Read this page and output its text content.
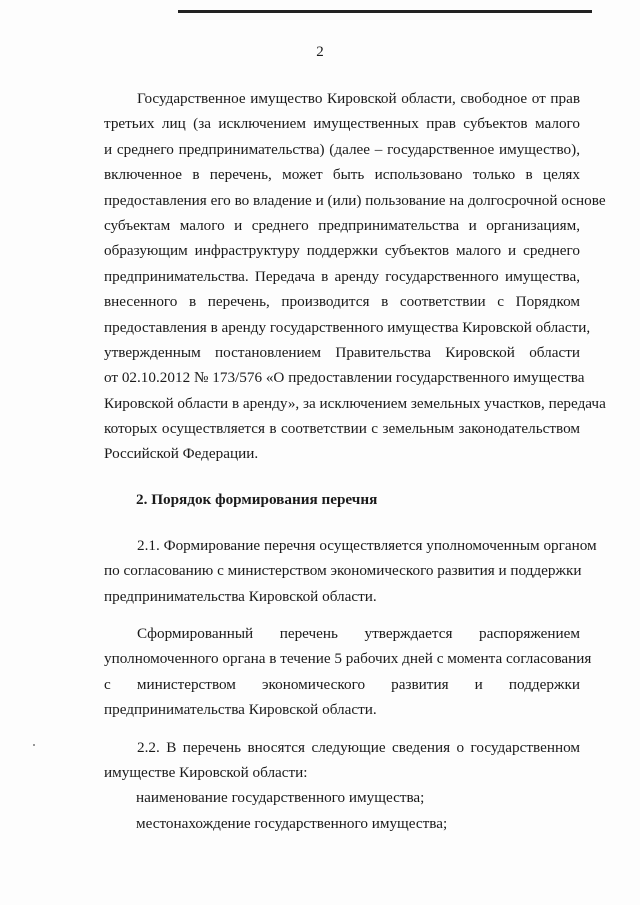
2

Государственное имущество Кировской области, свободное от прав

третьих лиц (за исключением имущественных прав субъектов малого

и среднего предпринимательства) (далее – государственное имущество),

включенное в перечень, может быть использовано только в целях

предоставления его во владение и (или) пользование на долгосрочной основе

субъектам малого и среднего предпринимательства и организациям,

образующим инфраструктуру поддержки субъектов малого и среднего

предпринимательства. Передача в аренду государственного имущества,

внесенного в перечень, производится в соответствии с Порядком

предоставления в аренду государственного имущества Кировской области,

утвержденным постановлением Правительства Кировской области

от 02.10.2012 № 173/576 «О предоставлении государственного имущества

Кировской области в аренду», за исключением земельных участков, передача

которых осуществляется в соответствии с земельным законодательством

Российской Федерации.

2. Порядок формирования перечня

2.1. Формирование перечня осуществляется уполномоченным органом

по согласованию с министерством экономического развития и поддержки

предпринимательства Кировской области.

Сформированный перечень утверждается распоряжением

уполномоченного органа в течение 5 рабочих дней с момента согласования

с министерством экономического развития и поддержки

предпринимательства Кировской области.

2.2. В перечень вносятся следующие сведения о государственном

имуществе Кировской области:

наименование государственного имущества;
местонахождение государственного имущества;
